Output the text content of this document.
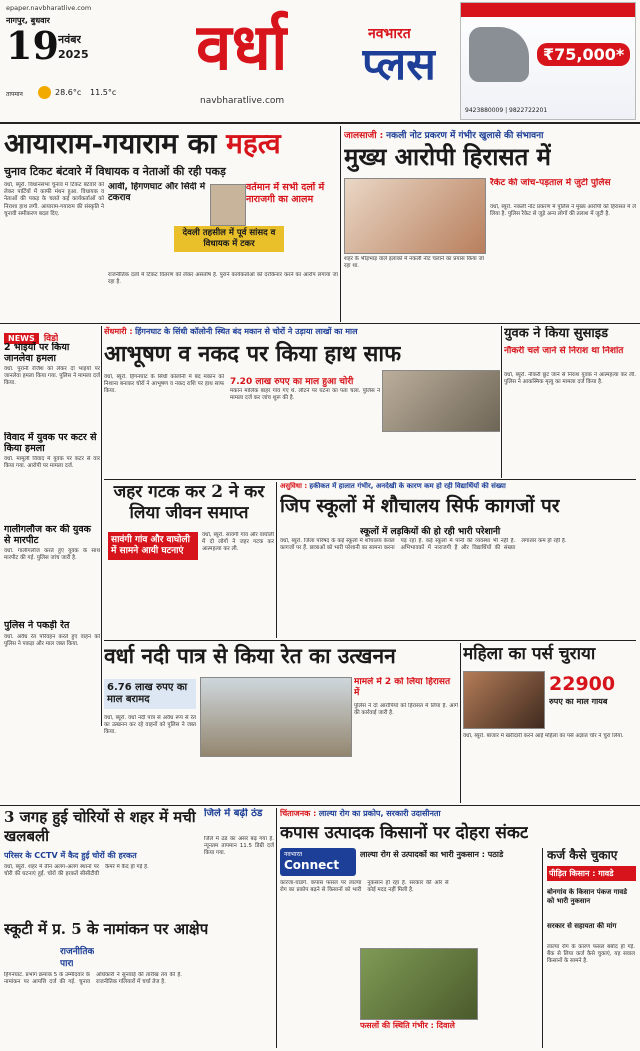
epaper.navbharatlive.com
नागपुर, बुधवार
19 नवंबर
2025
तापमान	28.6°c 11.5°c
वर्धा	नवभारत
प्लस
navbharatlive.com
₹75,000*
9423880009 | 9822722201
आयाराम-गयाराम का महत्व
चुनाव टिकट बंटवारे में विधायक व नेताओं की रही पकड़
वर्धा, ब्यूरो. विधानसभा चुनाव में टिकट बंटवारे को लेकर पार्टियों में काफी मंथन हुआ. विधायक व नेताओं की पकड़ के चलते कई कार्यकर्ताओं को निराशा हाथ लगी. आयाराम-गयाराम की संस्कृति ने चुनावी समीकरण बदल दिए.
आर्वी, हिंगणघाट और सिंदी में टकराव
देवली तहसील में पूर्व सांसद व विधायक में टकर
वर्तमान में सभी दलों में नाराजगी का आलम
राजनीतिक दलों में टिकट वितरण को लेकर असंतोष है. पुराने कार्यकर्ताओं को दरकिनार करने का आरोप लगाया जा रहा है.
जालसाजी : नकली नोट प्रकरण में गंभीर खुलासे की संभावना
मुख्य आरोपी हिरासत में
रैकेट की जांच-पड़ताल में जुटी पुलिस
वर्धा, ब्यूरो. नकली नोट प्रकरण में पुलिस ने मुख्य आरोपी को हिरासत में ले लिया है. पुलिस रैकेट से जुड़े अन्य लोगों की तलाश में जुटी है.
शहर के भीड़भाड़ वाले इलाकों में नकली नोट चलाने का प्रयास किया जा रहा था.
NEWS विडो
2 भाइयों पर किया जानलेवा हमला
वर्धा. पुरानी रंजिश को लेकर दो भाइयों पर जानलेवा हमला किया गया. पुलिस ने मामला दर्ज किया.
विवाद में युवक पर कटर से किया हमला
वर्धा. मामूली विवाद में युवक पर कटर से वार किया गया. आरोपी पर मामला दर्ज.
गालीगलौज कर की युवक से मारपीट
वर्धा. गालीगलौज करते हुए युवक के साथ मारपीट की गई. पुलिस जांच जारी है.
पुलिस ने पकड़ी रेत
वर्धा. अवैध रेत परिवहन करते हुए वाहन को पुलिस ने पकड़ा और माल जब्त किया.
सेंधमारी : हिंगनघाट के सिंधी कॉलोनी स्थित बंद मकान से चोरों ने उड़ाया लाखों का माल
आभूषण व नकद पर किया हाथ साफ
वर्धा, ब्यूरो. हिंगनघाट के सिंधी कॉलोनी में बंद मकान को निशाना बनाकर चोरों ने आभूषण व नकद राशि पर हाथ साफ किया.
7.20 लाख रुपए का माल हुआ चोरी
मकान मालिक बाहर गांव गए थे. लौटने पर घटना का पता चला. पुलिस ने मामला दर्ज कर जांच शुरू की है.
युवक ने किया सुसाइड
नौकरी चले जाने से निराश था निशांत
वर्धा, ब्यूरो. नौकरी छूट जाने से निराश युवक ने आत्महत्या कर ली. पुलिस ने आकस्मिक मृत्यु का मामला दर्ज किया है.
जहर गटक कर 2 ने कर लिया जीवन समाप्त
सावंगी गांव और वाघोली में सामने आयी घटनाएं
वर्धा, ब्यूरो. सावंगी गांव और वाघोली में दो लोगों ने जहर गटक कर आत्महत्या कर ली.
असुविधा : हकीकत में हालात गंभीर, अनदेखी के कारण कम हो रही विद्यार्थियों की संख्या
जिप स्कूलों में शौचालय सिर्फ कागजों पर
स्कूलों में लड़कियों की हो रही भारी परेशानी
वर्धा, ब्यूरो. जिला परिषद के कई स्कूलों में शौचालय केवल कागजों पर हैं. छात्राओं को भारी परेशानी का सामना करना पड़ रहा है. कई स्कूलों में पानी की व्यवस्था भी नहीं है. अभिभावकों में नाराजगी है और विद्यार्थियों की संख्या लगातार कम हो रही है.
वर्धा नदी पात्र से किया रेत का उत्खनन
6.76 लाख रुपए का माल बरामद
वर्धा, ब्यूरो. वर्धा नदी पात्र से अवैध रूप से रेत का उत्खनन कर रहे वाहनों को पुलिस ने जब्त किया.
मामले में 2 को लिया हिरासत में
पुलिस ने दो आरोपियों को हिरासत में लिया है. आगे की कार्रवाई जारी है.
महिला का पर्स चुराया
22900
रुपए का माल गायब
वर्धा, ब्यूरो. बाजार में खरीदारी करने आई महिला का पर्स अज्ञात चोर ने चुरा लिया.
3 जगह हुई चोरियों से शहर में मची खलबली
परिसर के CCTV में कैद हुई चोरों की हरकत
वर्धा, ब्यूरो. शहर में तीन अलग-अलग स्थानों पर चोरी की घटनाएं हुईं. चोरों की हरकतें सीसीटीवी कैमरे में कैद हो गई हैं.
जिले में बढ़ी ठंड
जिले में ठंड का असर बढ़ गया है. न्यूनतम तापमान 11.5 डिग्री दर्ज किया गया.
स्कूटी में प्र. 5 के नामांकन पर आक्षेप
राजनीतिक
पारा
हिंगनघाट. प्रभाग क्रमांक 5 के उम्मीदवार के नामांकन पर आपत्ति दर्ज की गई. चुनाव अधिकारी ने सुनवाई की तारीख तय की है. राजनीतिक गलियारों में चर्चा तेज है.
चिंताजनक : लाल्या रोग का प्रकोप, सरकारी उदासीनता
कपास उत्पादक किसानों पर दोहरा संकट
नवभारत
Connect
लाल्या रोग से उत्पादकों का भारी नुकसान : पठाडे
कारंजा-घाडगे. कपास फसल पर लाल्या रोग का प्रकोप बढ़ने से किसानों को भारी नुकसान हो रहा है. सरकार की ओर से कोई मदद नहीं मिली है.
फसलों की स्थिति गंभीर : दिवाले
कर्ज कैसे चुकाए
पीड़ित किसान : गावडे
बोनगांव के किसान पंकज गावडे को भारी नुकसान
सरकार से सहायता की मांग
लाल्या रोग के कारण फसल बर्बाद हो गई. बैंक से लिया कर्ज कैसे चुकाएं, यह सवाल किसानों के सामने है.
